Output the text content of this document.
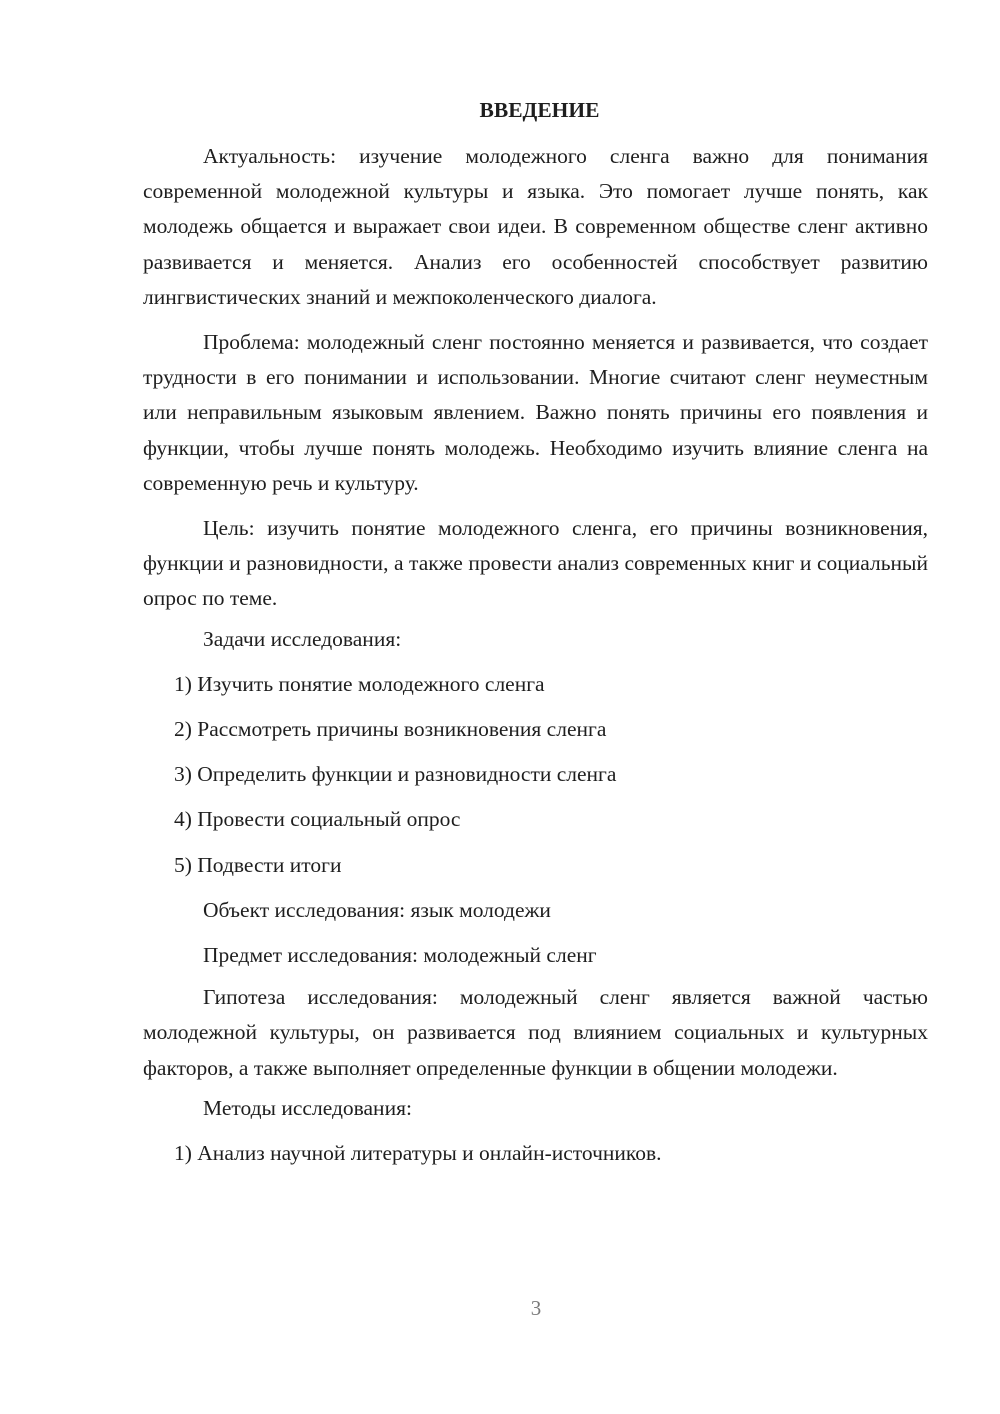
ВВЕДЕНИЕ

Актуальность: изучение молодежного сленга важно для понимания современной молодежной культуры и языка. Это помогает лучше понять, как молодежь общается и выражает свои идеи. В современном обществе сленг активно развивается и меняется. Анализ его особенностей способствует развитию лингвистических знаний и межпоколенческого диалога.

Проблема: молодежный сленг постоянно меняется и развивается, что создает трудности в его понимании и использовании. Многие считают сленг неуместным или неправильным языковым явлением. Важно понять причины его появления и функции, чтобы лучше понять молодежь. Необходимо изучить влияние сленга на современную речь и культуру.

Цель: изучить понятие молодежного сленга, его причины возникновения, функции и разновидности, а также провести анализ современных книг и социальный опрос по теме.

Задачи исследования:

1) Изучить понятие молодежного сленга

2) Рассмотреть причины возникновения сленга

3) Определить функции и разновидности сленга

4) Провести социальный опрос

5) Подвести итоги

Объект исследования: язык молодежи

Предмет исследования: молодежный сленг

Гипотеза исследования: молодежный сленг является важной частью молодежной культуры, он развивается под влиянием социальных и культурных факторов, а также выполняет определенные функции в общении молодежи.

Методы исследования:

1) Анализ научной литературы и онлайн-источников.

3
